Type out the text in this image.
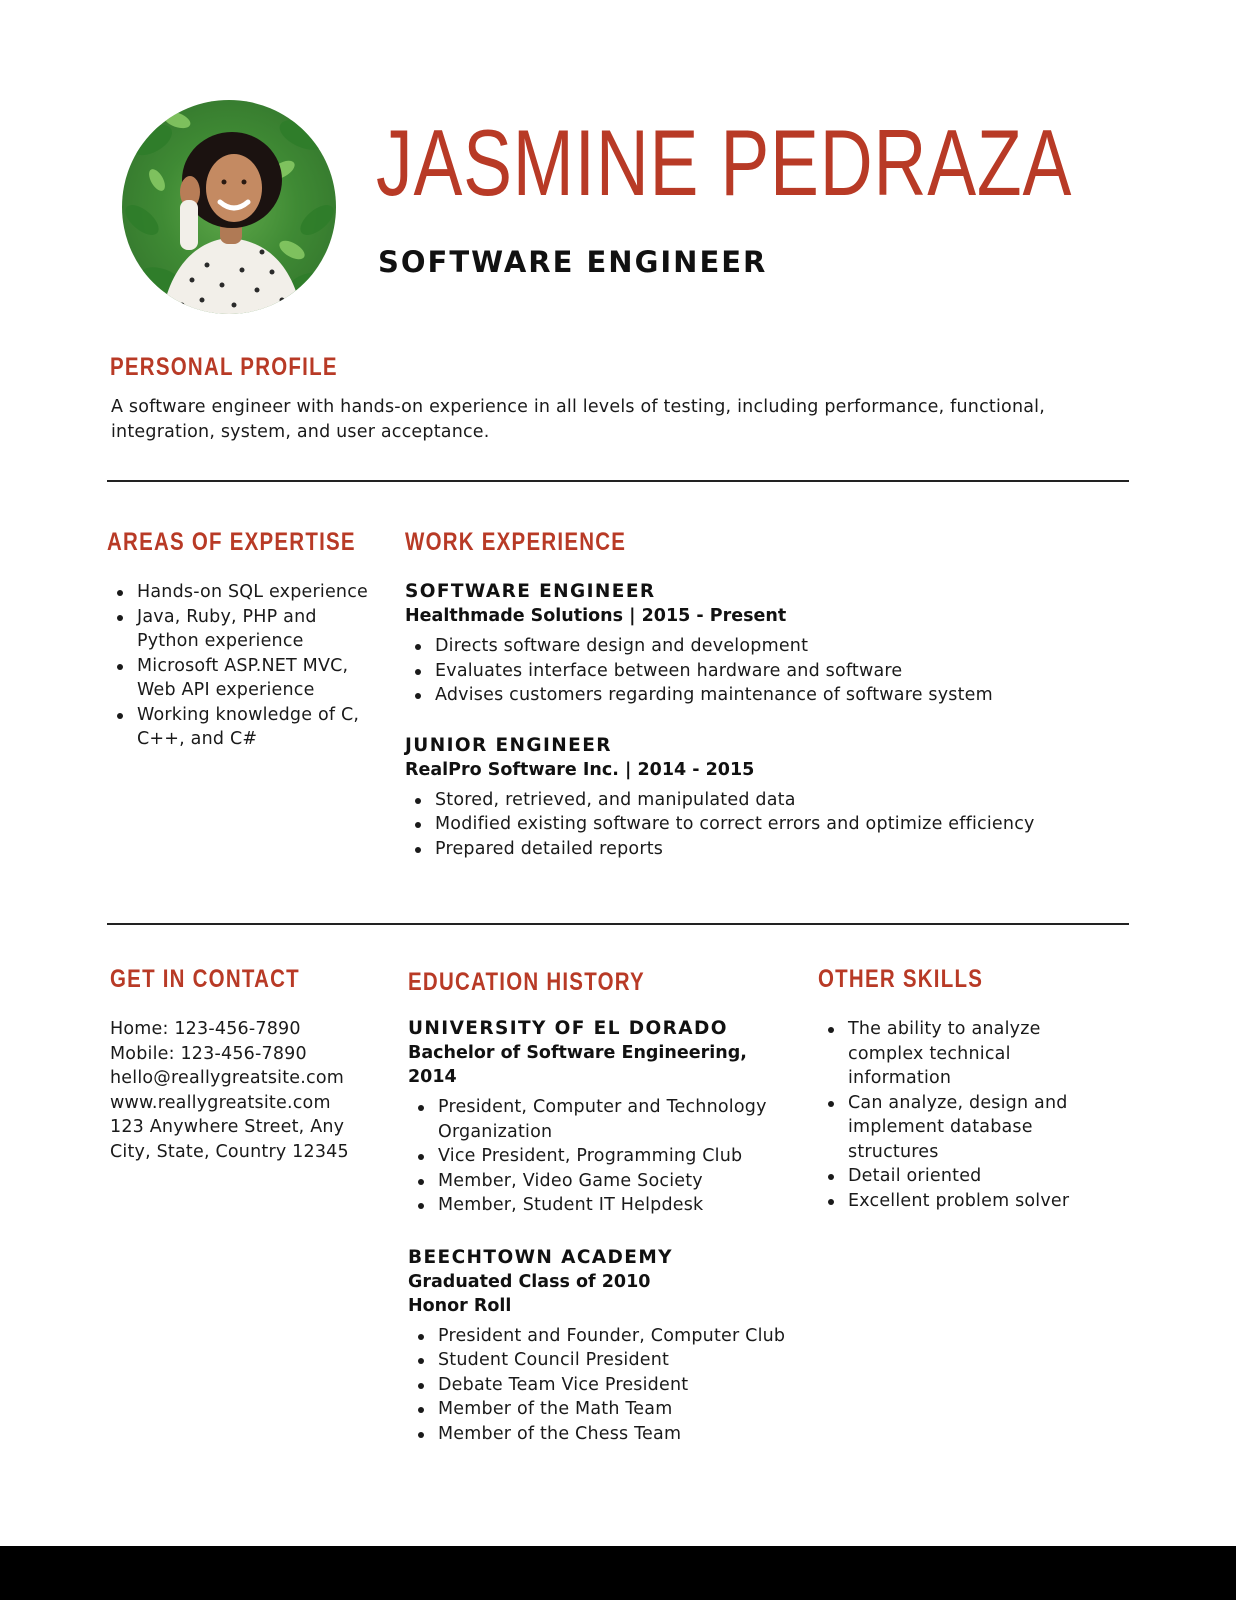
JASMINE PEDRAZA
SOFTWARE ENGINEER
PERSONAL PROFILE

A software engineer with hands-on experience in all levels of testing, including performance, functional, integration, system, and user acceptance.

AREAS OF EXPERTISE
Hands-on SQL experience
Java, Ruby, PHP and Python experience
Microsoft ASP.NET MVC, Web API experience
Working knowledge of C, C++, and C#
WORK EXPERIENCE

SOFTWARE ENGINEER

Healthmade Solutions | 2015 - Present

Directs software design and development
Evaluates interface between hardware and software
Advises customers regarding maintenance of software system

JUNIOR ENGINEER

RealPro Software Inc. | 2014 - 2015

Stored, retrieved, and manipulated data
Modified existing software to correct errors and optimize efficiency
Prepared detailed reports
GET IN CONTACT

Home: 123-456-7890

Mobile: 123-456-7890

hello@reallygreatsite.com

www.reallygreatsite.com

123 Anywhere Street, Any City, State, Country 12345

EDUCATION HISTORY

UNIVERSITY OF EL DORADO

Bachelor of Software Engineering, 2014

President, Computer and Technology Organization
Vice President, Programming Club
Member, Video Game Society
Member, Student IT Helpdesk

BEECHTOWN ACADEMY

Graduated Class of 2010

Honor Roll

President and Founder, Computer Club
Student Council President
Debate Team Vice President
Member of the Math Team
Member of the Chess Team
OTHER SKILLS
The ability to analyze complex technical information
Can analyze, design and implement database structures
Detail oriented
Excellent problem solver
